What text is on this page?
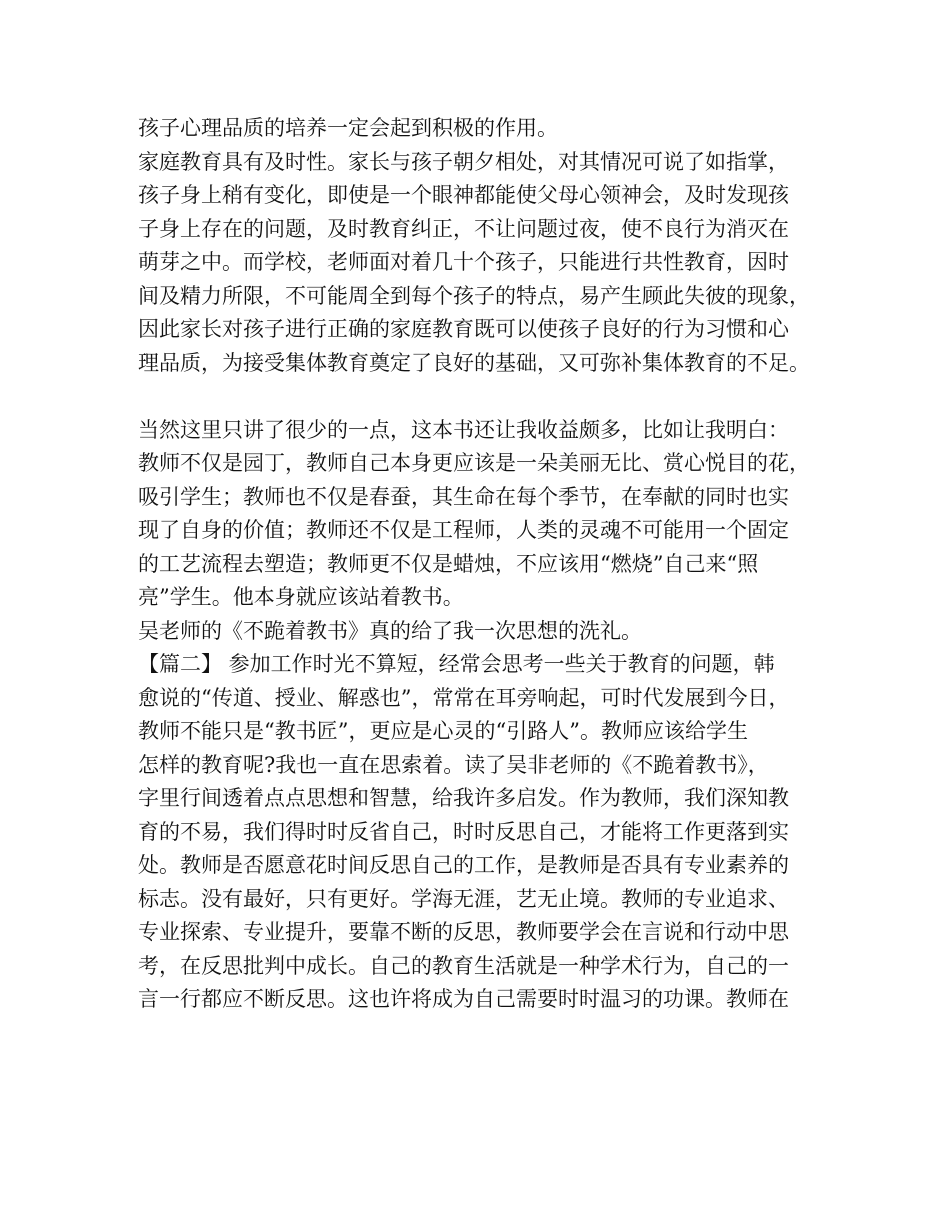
孩子心理品质的培养一定会起到积极的作用。
家庭教育具有及时性。家长与孩子朝夕相处，对其情况可说了如指掌，
孩子身上稍有变化，即使是一个眼神都能使父母心领神会，及时发现孩
子身上存在的问题，及时教育纠正，不让问题过夜，使不良行为消灭在
萌芽之中。而学校，老师面对着几十个孩子，只能进行共性教育，因时
间及精力所限，不可能周全到每个孩子的特点，易产生顾此失彼的现象，
因此家长对孩子进行正确的家庭教育既可以使孩子良好的行为习惯和心
理品质，为接受集体教育奠定了良好的基础，又可弥补集体教育的不足。
当然这里只讲了很少的一点，这本书还让我收益颇多，比如让我明白：
教师不仅是园丁，教师自己本身更应该是一朵美丽无比、赏心悦目的花，
吸引学生；教师也不仅是春蚕，其生命在每个季节，在奉献的同时也实
现了自身的价值；教师还不仅是工程师，人类的灵魂不可能用一个固定
的工艺流程去塑造；教师更不仅是蜡烛，不应该用“燃烧”自己来“照
亮”学生。他本身就应该站着教书。
吴老师的《不跪着教书》真的给了我一次思想的洗礼。
【篇二】 参加工作时光不算短，经常会思考一些关于教育的问题，韩
愈说的“传道、授业、解惑也”，常常在耳旁响起，可时代发展到今日，
教师不能只是“教书匠”，更应是心灵的“引路人”。教师应该给学生
怎样的教育呢?我也一直在思索着。读了吴非老师的《不跪着教书》，
字里行间透着点点思想和智慧，给我许多启发。作为教师，我们深知教
育的不易，我们得时时反省自己，时时反思自己，才能将工作更落到实
处。教师是否愿意花时间反思自己的工作，是教师是否具有专业素养的
标志。没有最好，只有更好。学海无涯，艺无止境。教师的专业追求、
专业探索、专业提升，要靠不断的反思，教师要学会在言说和行动中思
考，在反思批判中成长。自己的教育生活就是一种学术行为，自己的一
言一行都应不断反思。这也许将成为自己需要时时温习的功课。教师在
